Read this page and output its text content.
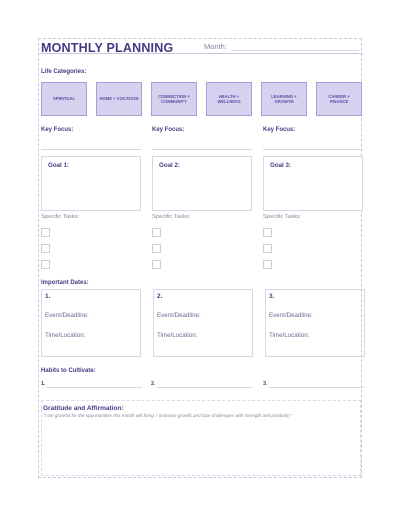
MONTHLY PLANNING	Month:
Life Categories:
SPIRITUAL	HOME + VOCATION
CONNECTION + COMMUNITY
HEALTH + WELLNESS
LEARNING + GROWTH
CAREER + FINANCE
Key Focus:	Key Focus:	Key Focus:
Goal 1:	Goal 2:	Goal 3:
Specific Tasks:	Specific Tasks:	Specific Tasks:
Important Dates:
1.
Event/Deadline:
Time/Location:
2.
Event/Deadline:
Time/Location:
3.
Event/Deadline:
Time/Location:
Habits to Cultivate:
1.	2.	3.
Gratitude and Affirmation:
"I am grateful for the opportunities this month will bring. I embrace growth and face challenges with strength and positivity."
